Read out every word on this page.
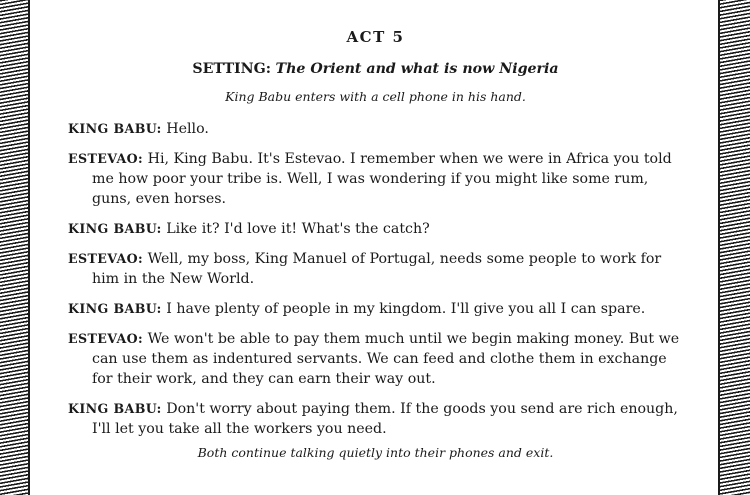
ACT 5
SETTING: The Orient and what is now Nigeria
King Babu enters with a cell phone in his hand.

KING BABU: Hello.

ESTEVAO: Hi, King Babu. It's Estevao. I remember when we were in Africa you told me how poor your tribe is. Well, I was wondering if you might like some rum, guns, even horses.

KING BABU: Like it? I'd love it! What's the catch?

ESTEVAO: Well, my boss, King Manuel of Portugal, needs some people to work for him in the New World.

KING BABU: I have plenty of people in my kingdom. I'll give you all I can spare.

ESTEVAO: We won't be able to pay them much until we begin making money. But we can use them as indentured servants. We can feed and clothe them in exchange for their work, and they can earn their way out.

KING BABU: Don't worry about paying them. If the goods you send are rich enough, I'll let you take all the workers you need.

Both continue talking quietly into their phones and exit.
